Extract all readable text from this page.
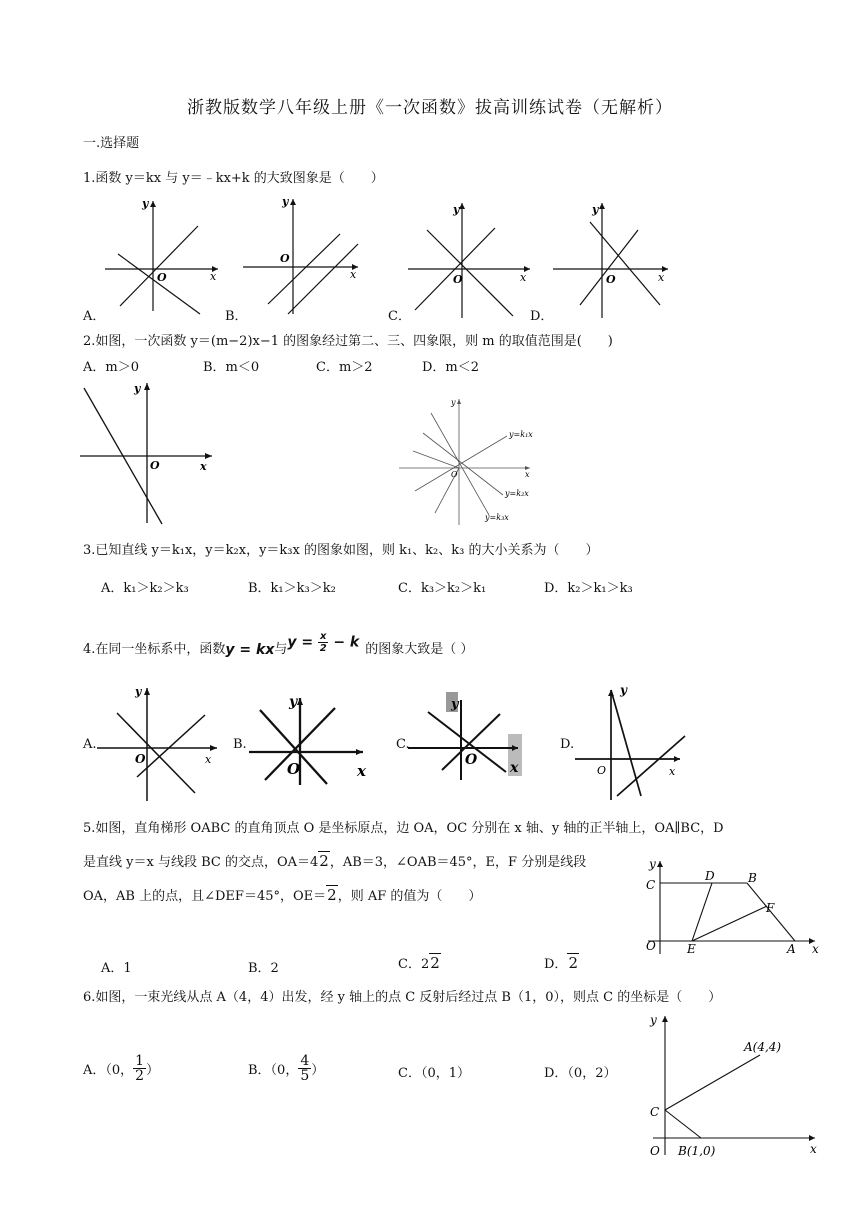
浙教版数学八年级上册《一次函数》拔高训练试卷（无解析）
一.选择题
1.函数 y＝kx 与 y＝﹣kx+k 的大致图象是（　　）
y
x
O
y
x
O
y
x
O
y
x
O
A．	B．	C．	D．
2.如图，一次函数 y＝(m−2)x−1 的图象经过第二、三、四象限，则 m 的取值范围是(　　)
A．m＞0	B．m＜0	C．m＞2	D．m＜2
y
x
O
y
x
O
y=k₁x
y=k₂x
y=k₃x
3.已知直线 y＝k₁x，y＝k₂x，y＝k₃x 的图象如图，则 k₁、k₂、k₃ 的大小关系为（　　）
A．k₁＞k₂＞k₃	B．k₁＞k₃＞k₂	C．k₃＞k₂＞k₁	D．k₂＞k₁＞k₃
4.在同一坐标系中，函数 y = kx 与 $y = \frac{x}{2} - k$ 的图象大致是（ ）
y
x
O
y
x
O
y
x
O
y
x
O
A.	B.	C.	D.
5.如图，直角梯形 OABC 的直角顶点 O 是坐标原点，边 OA，OC 分别在 x 轴、y 轴的正半轴上，OA∥BC，D
是直线 y＝x 与线段 BC 的交点，OA＝42，AB＝3，∠OAB＝45°，E，F 分别是线段
OA，AB 上的点，且∠DEF＝45°，OE＝2，则 AF 的值为（　　）
A．1	B．2	C．22	D．2
y
x
C
D	B
F
O	E	A
6.如图，一束光线从点 A（4，4）出发，经 y 轴上的点 C 反射后经过点 B（1，0），则点 C 的坐标是（　　）
A．（0， $\frac{1}{2}$ ）	B．（0， $\frac{4}{5}$ ）	C．（0，1）	D．（0，2）
y
x
A(4,4)
C
O B(1,0)
